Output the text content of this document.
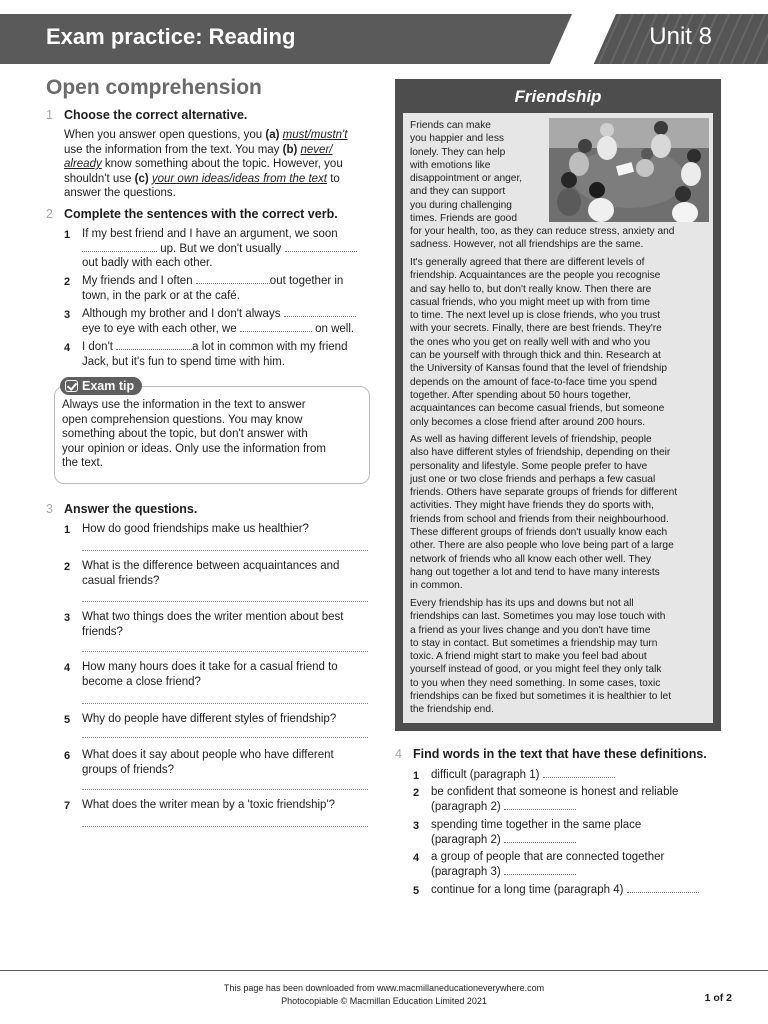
Exam practice: Reading	Unit 8
Open comprehension
1 Choose the correct alternative.
When you answer open questions, you (a) must/mustn't
use the information from the text. You may (b) never/
already know something about the topic. However, you
shouldn't use (c) your own ideas/ideas from the text to
answer the questions.
2 Complete the sentences with the correct verb.
1 If my best friend and I have an argument, we soon
up. But we don't usually
out badly with each other.
2 My friends and I often	out together in
town, in the park or at the café.
3 Although my brother and I don't always
eye to eye with each other, we	on well.
4 I don't	a lot in common with my friend
Jack, but it's fun to spend time with him.
Exam tip
Always use the information in the text to answer
open comprehension questions. You may know
something about the topic, but don't answer with
your opinion or ideas. Only use the information from
the text.
3 Answer the questions.
1 How do good friendships make us healthier?
2 What is the difference between acquaintances and
casual friends?
3 What two things does the writer mention about best
friends?
4 How many hours does it take for a casual friend to
become a close friend?
5 Why do people have different styles of friendship?
6 What does it say about people who have different
groups of friends?
7 What does the writer mean by a 'toxic friendship'?
Friendship
Friends can make
you happier and less
lonely. They can help
with emotions like
disappointment or anger,
and they can support
you during challenging
times. Friends are good
for your health, too, as they can reduce stress, anxiety and
sadness. However, not all friendships are the same.
It's generally agreed that there are different levels of
friendship. Acquaintances are the people you recognise
and say hello to, but don't really know. Then there are
casual friends, who you might meet up with from time
to time. The next level up is close friends, who you trust
with your secrets. Finally, there are best friends. They're
the ones who you get on really well with and who you
can be yourself with through thick and thin. Research at
the University of Kansas found that the level of friendship
depends on the amount of face-to-face time you spend
together. After spending about 50 hours together,
acquaintances can become casual friends, but someone
only becomes a close friend after around 200 hours.
As well as having different levels of friendship, people
also have different styles of friendship, depending on their
personality and lifestyle. Some people prefer to have
just one or two close friends and perhaps a few casual
friends. Others have separate groups of friends for different
activities. They might have friends they do sports with,
friends from school and friends from their neighbourhood.
These different groups of friends don't usually know each
other. There are also people who love being part of a large
network of friends who all know each other well. They
hang out together a lot and tend to have many interests
in common.
Every friendship has its ups and downs but not all
friendships can last. Sometimes you may lose touch with
a friend as your lives change and you don't have time
to stay in contact. But sometimes a friendship may turn
toxic. A friend might start to make you feel bad about
yourself instead of good, or you might feel they only talk
to you when they need something. In some cases, toxic
friendships can be fixed but sometimes it is healthier to let
the friendship end.
4 Find words in the text that have these definitions.
1 difficult (paragraph 1)
2 be confident that someone is honest and reliable
(paragraph 2)
3 spending time together in the same place
(paragraph 2)
4 a group of people that are connected together
(paragraph 3)
5 continue for a long time (paragraph 4)
This page has been downloaded from www.macmillaneducationeverywhere.com
Photocopiable © Macmillan Education Limited 2021	1 of 2
